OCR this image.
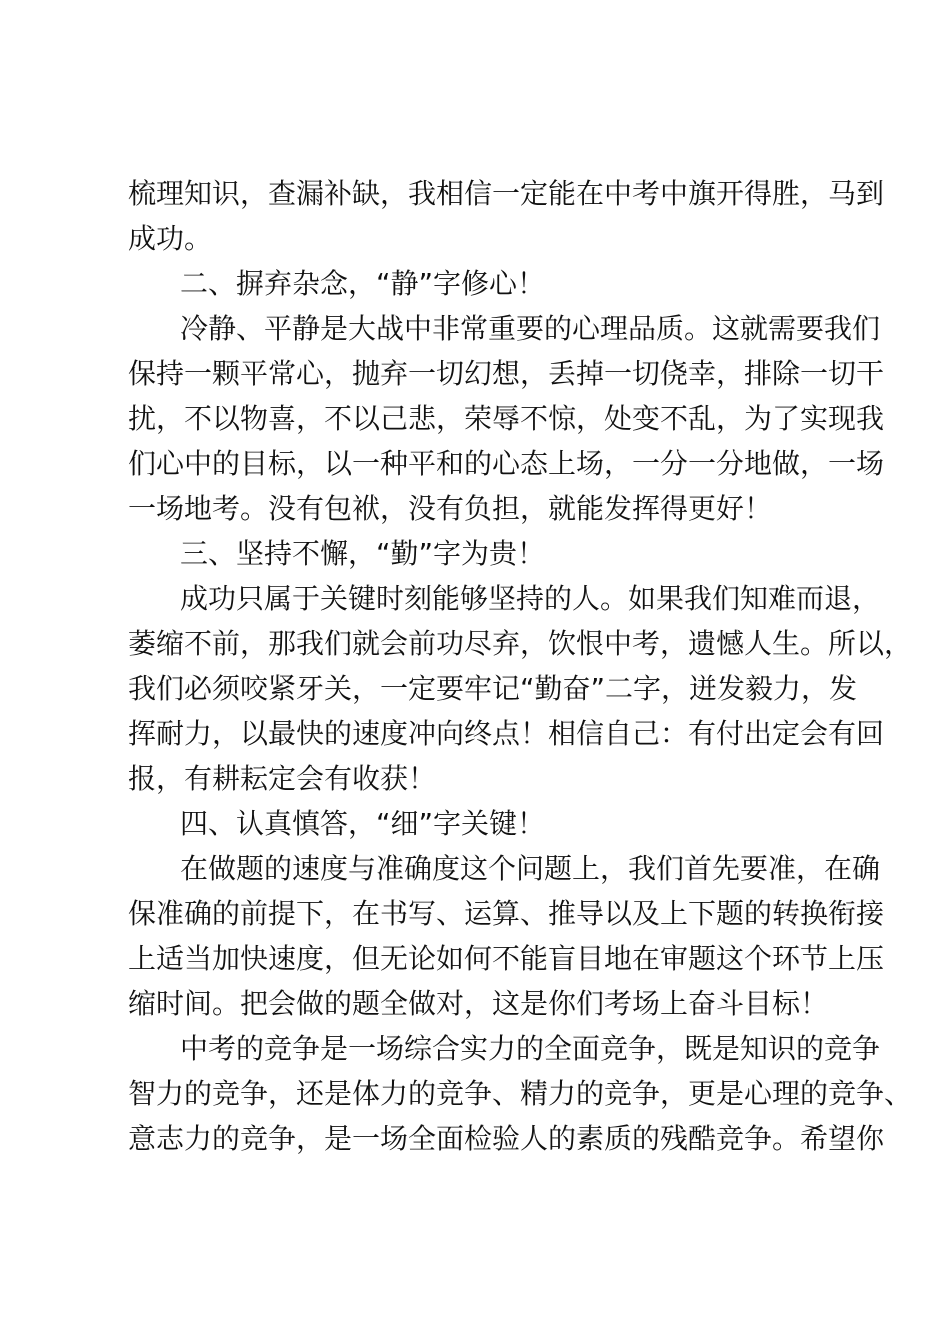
梳理知识，查漏补缺，我相信一定能在中考中旗开得胜，马到
成功。
二、摒弃杂念，“静”字修心！
冷静、平静是大战中非常重要的心理品质。这就需要我们
保持一颗平常心，抛弃一切幻想，丢掉一切侥幸，排除一切干
扰，不以物喜，不以己悲，荣辱不惊，处变不乱，为了实现我
们心中的目标，以一种平和的心态上场，一分一分地做，一场
一场地考。没有包袱，没有负担，就能发挥得更好！
三、坚持不懈，“勤”字为贵！
成功只属于关键时刻能够坚持的人。如果我们知难而退，
萎缩不前，那我们就会前功尽弃，饮恨中考，遗憾人生。所以，
我们必须咬紧牙关，一定要牢记“勤奋”二字，迸发毅力，发
挥耐力，以最快的速度冲向终点！相信自己：有付出定会有回
报，有耕耘定会有收获！
四、认真慎答，“细”字关键！
在做题的速度与准确度这个问题上，我们首先要准，在确
保准确的前提下，在书写、运算、推导以及上下题的转换衔接
上适当加快速度，但无论如何不能盲目地在审题这个环节上压
缩时间。把会做的题全做对，这是你们考场上奋斗目标！
中考的竞争是一场综合实力的全面竞争，既是知识的竞争
智力的竞争，还是体力的竞争、精力的竞争，更是心理的竞争、
意志力的竞争，是一场全面检验人的素质的残酷竞争。希望你
